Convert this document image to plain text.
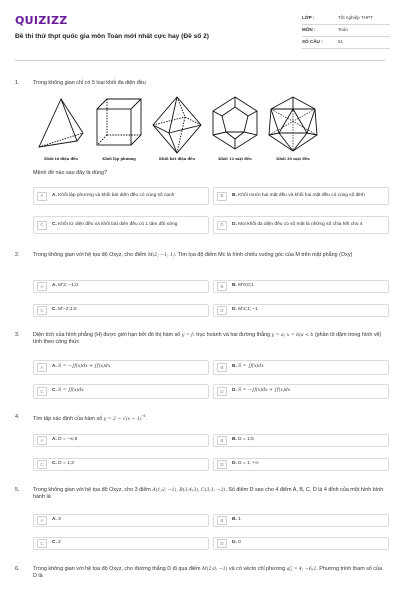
QUIZIZZ
Đề thi thử thpt quốc gia môn Toán mới nhất cực hay (Đề số 2)
LỚP :	Tốt nghiệp THPT
MÔN :	Toán
SỐ CÂU :	51
1.	Trong không gian chỉ có 5 loại khối đa diện đều
Khối tứ diện đều	Khối lập phương	Khối bát diện đều	Khối 12 mặt đều	Khối 20 mặt đều
Mệnh đề nào sau đây là đúng?
A	A. Khối lập phương và khối bát diện đều có cùng số cạnh	B	B. Khối mười hai mặt đều và khối hai mặt đều có cùng số đỉnh
C	C. Khối tứ diện đều và khối bát diện đều có 1 tâm đối xứng	D	D. Mọi khối đa diện đều có số mặt là những số chia hết cho 4
2.	Trong không gian với hệ tọa độ Oxyz, cho điểm M(2; −1; 1). Tìm tọa độ điểm Mc là hình chiếu vuông góc của M trên mặt phẳng (Oxy)
A	A. M'2; −1;0	B	B. M'0;0;1
C	C. M'−2;1;0	D	D. M'2;1; −1
3.	Diện tích của hình phẳng (H) được giới hạn bởi đồ thị hàm số y = f₁ trục hoành và hai đường thẳng y = a; x = b(a < b (phần tô đậm trong hình vẽ) tính theo công thức
A	A. S = −∫f(x)dx + ∫f(x)dx	B	B. S = ∫f(x)dx
C	C. S = ∫f(x)dx	D	D. S = −∫f(x)dx + ∫f(x)dx
4.	Tìm tập xác định của hàm số $y = 2 - √(x - 1)^{-5}$
A	A. D = −∞;5	B	B. D = 1;5
C	C. D = 1;3	D	D. D = 1; +∞
5.	Trong không gian với hệ tọa độ Oxyz, cho 3 điểm A(1;2; −1), B(3;4;3), C(3;1; −3). Số điểm D sao cho 4 điểm A, B, C, D là 4 đỉnh của một hình bình hành là
A	A. 3	B	B. 1
C	C. 2	D	D. 0
6.	Trong không gian với hệ tọa độ Oxyz, cho đường thẳng D đi qua điểm M(2;0; −1) và có vécto chỉ phương a⃗ = 4; −6;2. Phương trình tham số của D là
